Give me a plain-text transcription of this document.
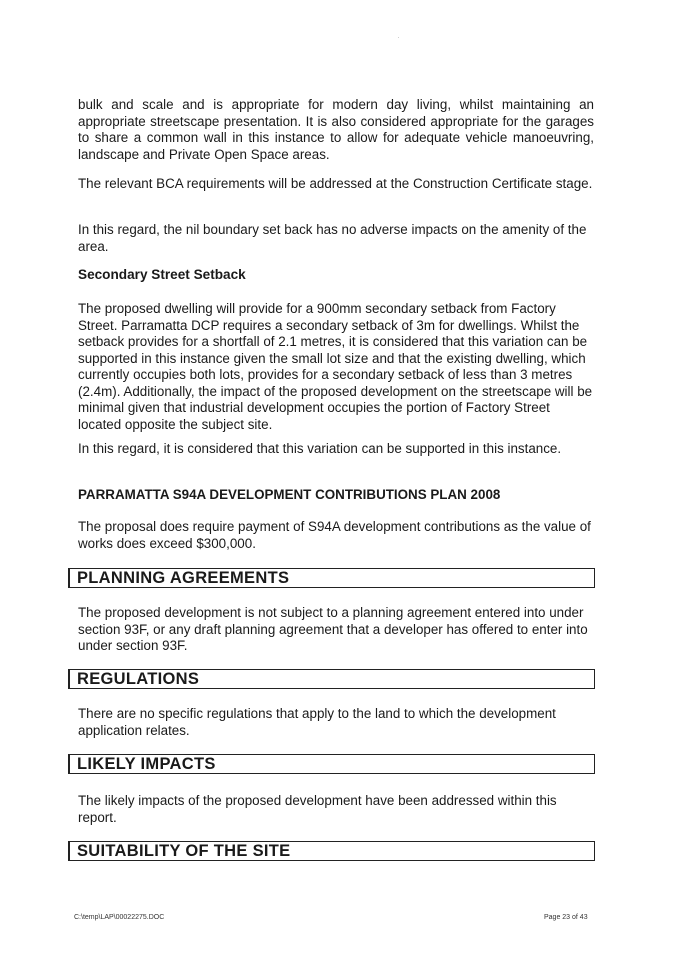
bulk and scale and is appropriate for modern day living, whilst maintaining an appropriate streetscape presentation. It is also considered appropriate for the garages to share a common wall in this instance to allow for adequate vehicle manoeuvring, landscape and Private Open Space areas.

The relevant BCA requirements will be addressed at the Construction Certificate stage.

In this regard, the nil boundary set back has no adverse impacts on the amenity of the area.

Secondary Street Setback

The proposed dwelling will provide for a 900mm secondary setback from Factory Street. Parramatta DCP requires a secondary setback of 3m for dwellings. Whilst the setback provides for a shortfall of 2.1 metres, it is considered that this variation can be supported in this instance given the small lot size and that the existing dwelling, which currently occupies both lots, provides for a secondary setback of less than 3 metres (2.4m). Additionally, the impact of the proposed development on the streetscape will be minimal given that industrial development occupies the portion of Factory Street located opposite the subject site.

In this regard, it is considered that this variation can be supported in this instance.

PARRAMATTA S94A DEVELOPMENT CONTRIBUTIONS PLAN 2008

The proposal does require payment of S94A development contributions as the value of works does exceed $300,000.

PLANNING AGREEMENTS

The proposed development is not subject to a planning agreement entered into under section 93F, or any draft planning agreement that a developer has offered to enter into under section 93F.

REGULATIONS

There are no specific regulations that apply to the land to which the development application relates.

LIKELY IMPACTS

The likely impacts of the proposed development have been addressed within this report.

SUITABILITY OF THE SITE
C:\temp\LAP\00022275.DOC	Page 23 of 43
